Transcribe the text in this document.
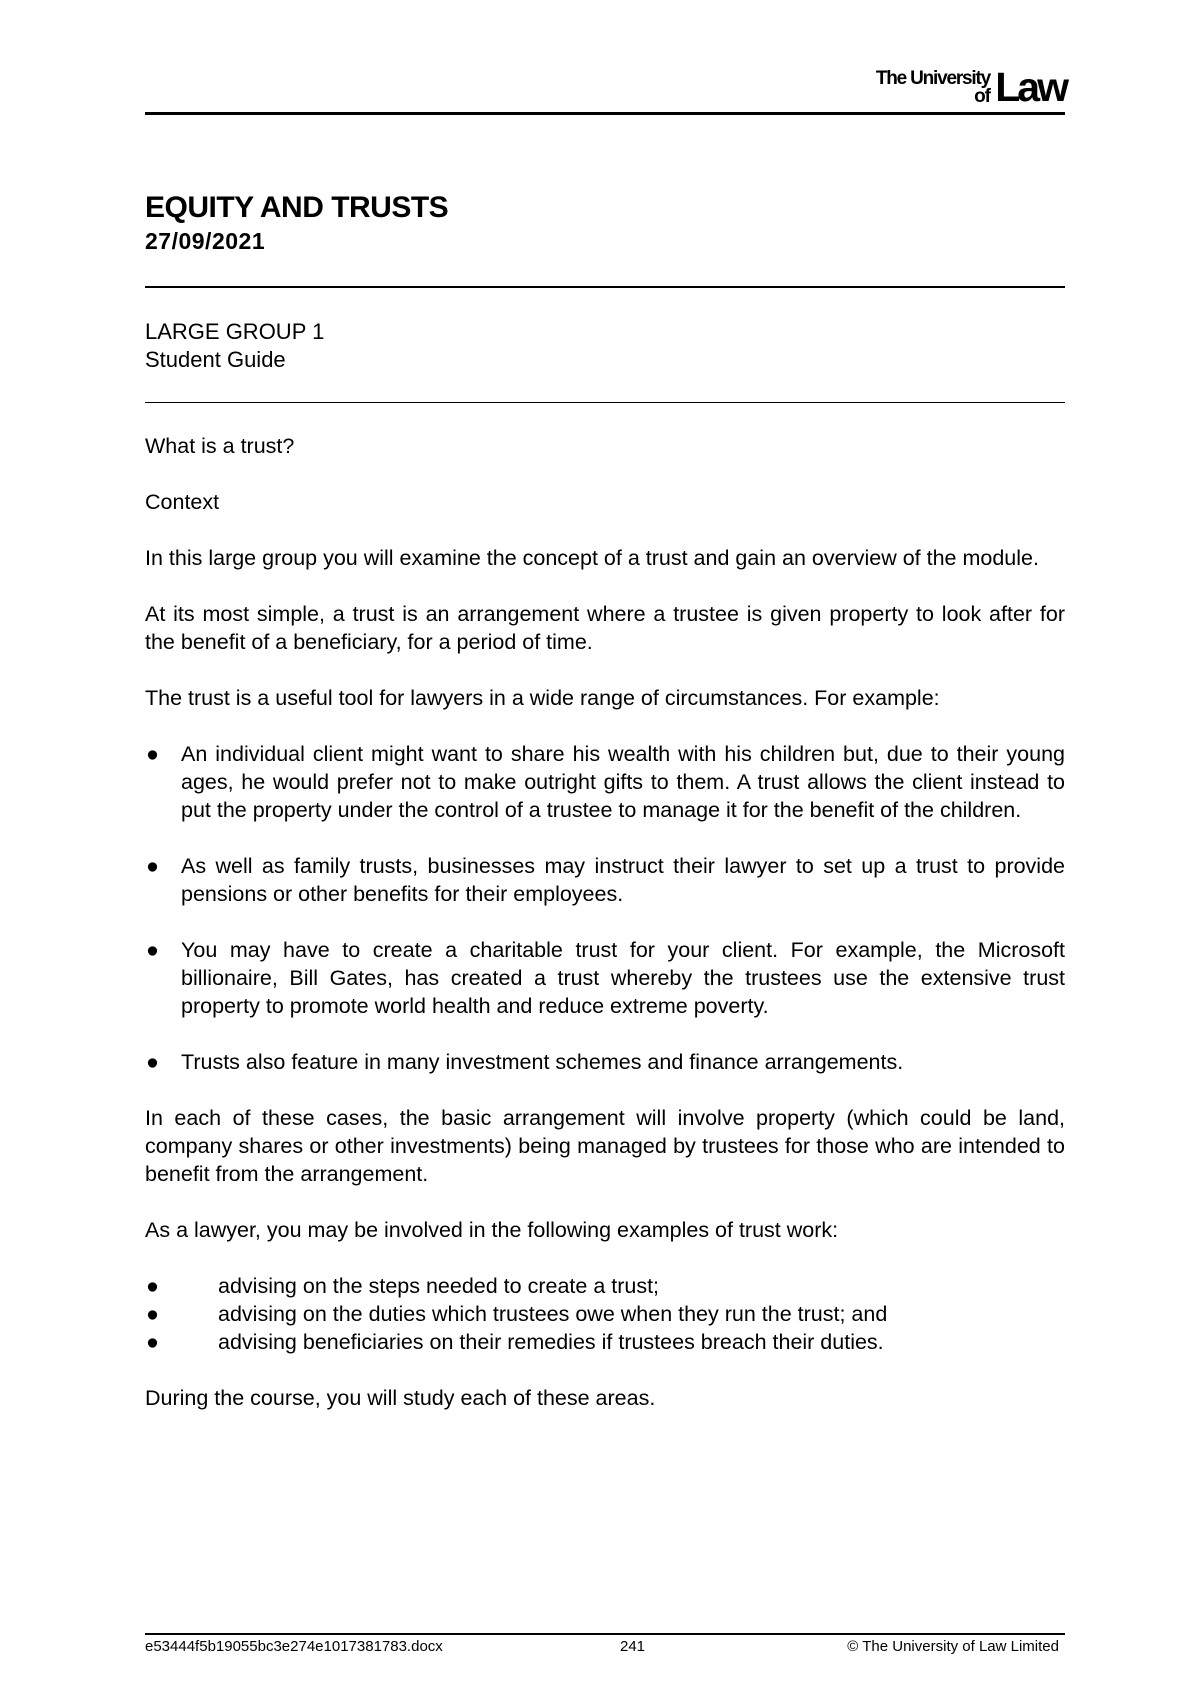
The University
of Law
EQUITY AND TRUSTS
27/09/2021
LARGE GROUP 1
Student Guide

What is a trust?

Context

In this large group you will examine the concept of a trust and gain an overview of the module.

At its most simple, a trust is an arrangement where a trustee is given property to look after for the benefit of a beneficiary, for a period of time.

The trust is a useful tool for lawyers in a wide range of circumstances. For example:

● An individual client might want to share his wealth with his children but, due to their young ages, he would prefer not to make outright gifts to them. A trust allows the client instead to put the property under the control of a trustee to manage it for the benefit of the children.
● As well as family trusts, businesses may instruct their lawyer to set up a trust to provide pensions or other benefits for their employees.
● You may have to create a charitable trust for your client. For example, the Microsoft billionaire, Bill Gates, has created a trust whereby the trustees use the extensive trust property to promote world health and reduce extreme poverty.
● Trusts also feature in many investment schemes and finance arrangements.

In each of these cases, the basic arrangement will involve property (which could be land, company shares or other investments) being managed by trustees for those who are intended to benefit from the arrangement.

As a lawyer, you may be involved in the following examples of trust work:

●	advising on the steps needed to create a trust;
●	advising on the duties which trustees owe when they run the trust; and
●	advising beneficiaries on their remedies if trustees breach their duties.

During the course, you will study each of these areas.

e53444f5b19055bc3e274e1017381783.docx	241	© The University of Law Limited
